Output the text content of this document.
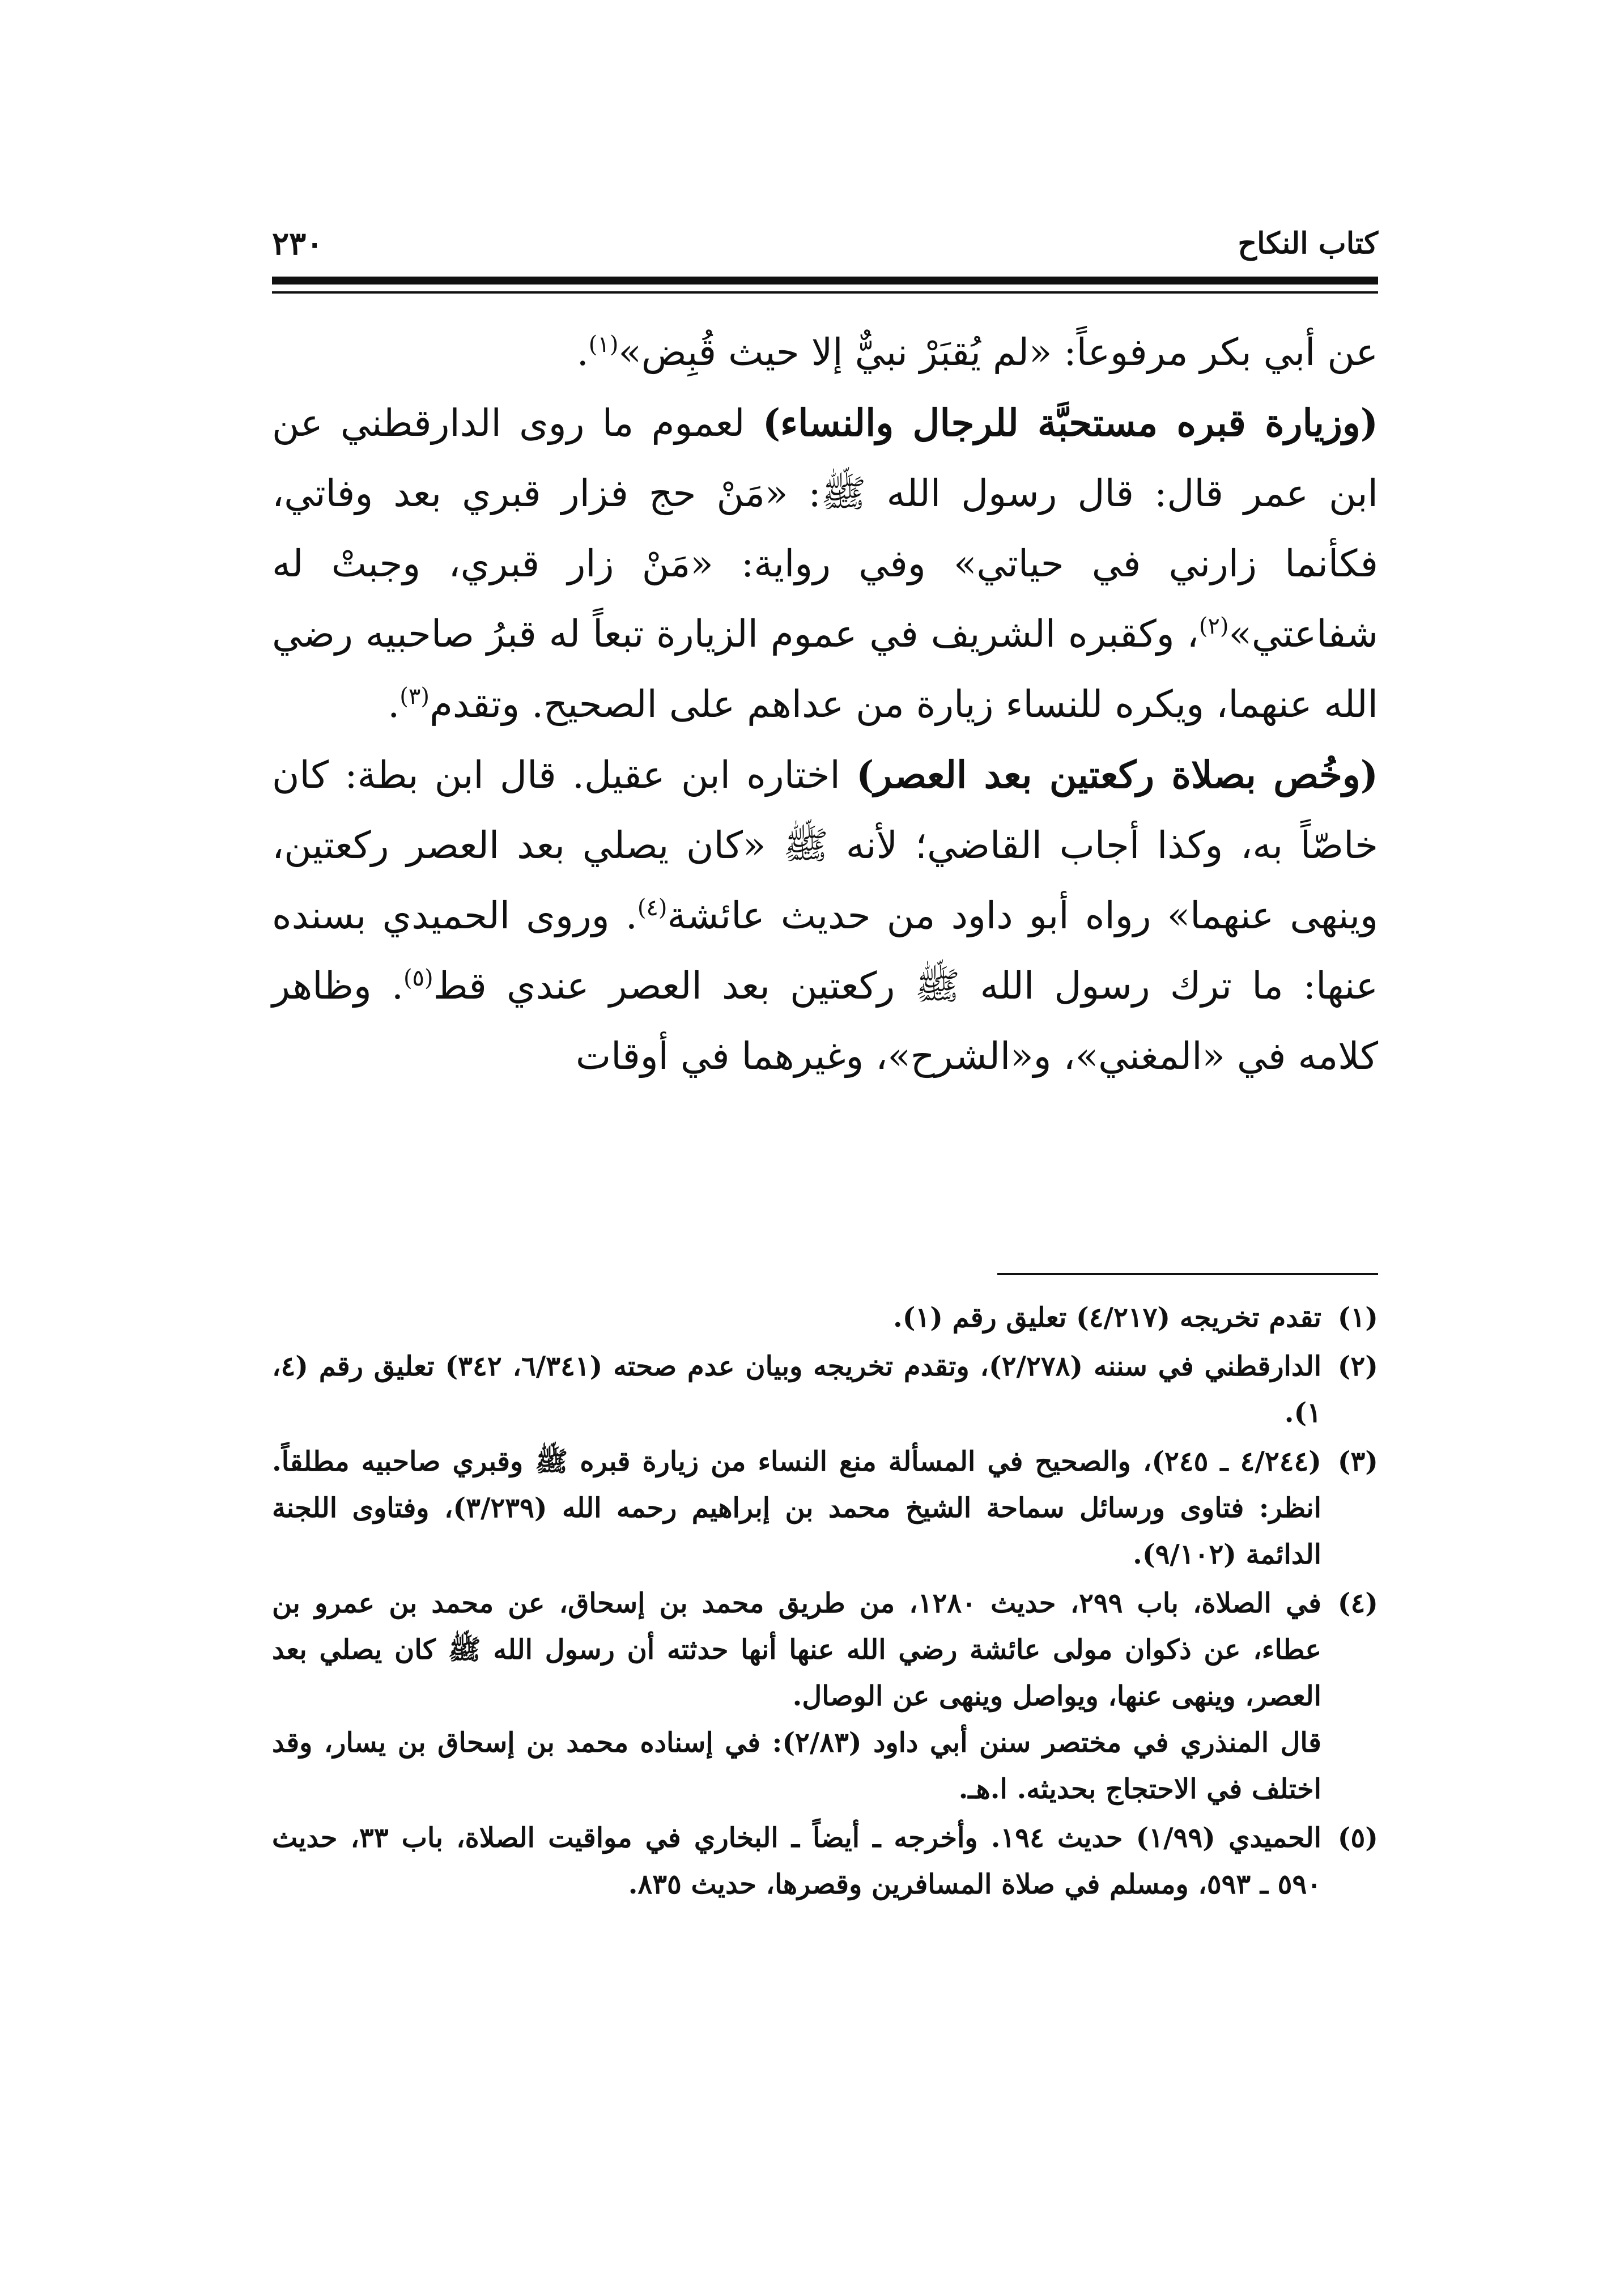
كتاب النكاح
٢٣٠

عن أبي بكر مرفوعاً: «لم يُقبَرْ نبيٌّ إلا حيث قُبِض»$^{(١)}$.

(وزيارة قبره مستحبَّة للرجال والنساء) لعموم ما روى الدارقطني عن ابن عمر قال: قال رسول الله ﷺ: «مَنْ حج فزار قبري بعد وفاتي، فكأنما زارني في حياتي» وفي رواية: «مَنْ زار قبري، وجبتْ له شفاعتي»$^{(٢)}$، وكقبره الشريف في عموم الزيارة تبعاً له قبرُ صاحبيه رضي الله عنهما، ويكره للنساء زيارة من عداهم على الصحيح. وتقدم$^{(٣)}$.

(وخُص بصلاة ركعتين بعد العصر) اختاره ابن عقيل. قال ابن بطة: كان خاصّاً به، وكذا أجاب القاضي؛ لأنه ﷺ «كان يصلي بعد العصر ركعتين، وينهى عنهما» رواه أبو داود من حديث عائشة$^{(٤)}$. وروى الحميدي بسنده عنها: ما ترك رسول الله ﷺ ركعتين بعد العصر عندي قط$^{(٥)}$. وظاهر كلامه في «المغني»، و«الشرح»، وغيرهما في أوقات

(١)
تقدم تخريجه (٤/٢١٧) تعليق رقم (١).

(٢)
الدارقطني في سننه (٢/٢٧٨)، وتقدم تخريجه وبيان عدم صحته (٦/٣٤١، ٣٤٢) تعليق رقم (٤، ١).

(٣)
(٤/٢٤٤ ـ ٢٤٥)، والصحيح في المسألة منع النساء من زيارة قبره ﷺ وقبري صاحبيه مطلقاً. انظر: فتاوى ورسائل سماحة الشيخ محمد بن إبراهيم رحمه الله (٣/٢٣٩)، وفتاوى اللجنة الدائمة (٩/١٠٢).

(٤)
في الصلاة، باب ٢٩٩، حديث ١٢٨٠، من طريق محمد بن إسحاق، عن محمد بن عمرو بن عطاء، عن ذكوان مولى عائشة رضي الله عنها أنها حدثته أن رسول الله ﷺ كان يصلي بعد العصر، وينهى عنها، ويواصل وينهى عن الوصال.
قال المنذري في مختصر سنن أبي داود (٢/٨٣): في إسناده محمد بن إسحاق بن يسار، وقد اختلف في الاحتجاج بحديثه. ا.هـ.

(٥)
الحميدي (١/٩٩) حديث ١٩٤. وأخرجه ـ أيضاً ـ البخاري في مواقيت الصلاة، باب ٣٣، حديث ٥٩٠ ـ ٥٩٣، ومسلم في صلاة المسافرين وقصرها، حديث ٨٣٥.
